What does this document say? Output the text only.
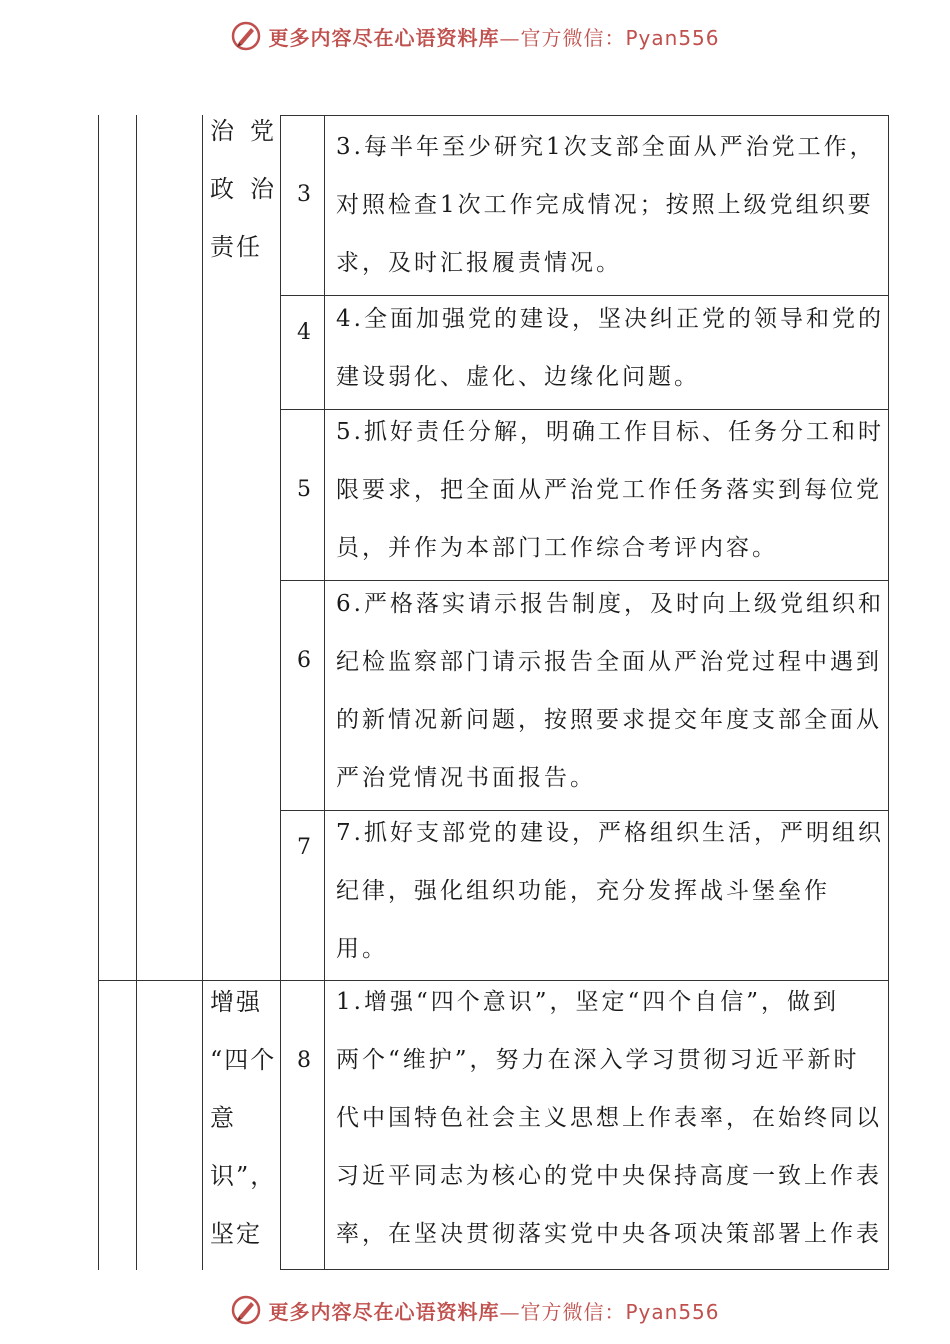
更多内容尽在心语资料库—官方微信：Pyan556
治 党
政 治
责任
增强
“四个
意
识”，
坚定
3
4
5
6
7
8
3.每半年至少研究1次支部全面从严治党工作，
对照检查1次工作完成情况；按照上级党组织要
求，及时汇报履责情况。
4.全面加强党的建设，坚决纠正党的领导和党的
建设弱化、虚化、边缘化问题。
5.抓好责任分解，明确工作目标、任务分工和时
限要求，把全面从严治党工作任务落实到每位党
员，并作为本部门工作综合考评内容。
6.严格落实请示报告制度，及时向上级党组织和
纪检监察部门请示报告全面从严治党过程中遇到
的新情况新问题，按照要求提交年度支部全面从
严治党情况书面报告。
7.抓好支部党的建设，严格组织生活，严明组织
纪律，强化组织功能，充分发挥战斗堡垒作
用。
1.增强“四个意识”，坚定“四个自信”，做到
两个“维护”，努力在深入学习贯彻习近平新时
代中国特色社会主义思想上作表率，在始终同以
习近平同志为核心的党中央保持高度一致上作表
率，在坚决贯彻落实党中央各项决策部署上作表
更多内容尽在心语资料库—官方微信：Pyan556
